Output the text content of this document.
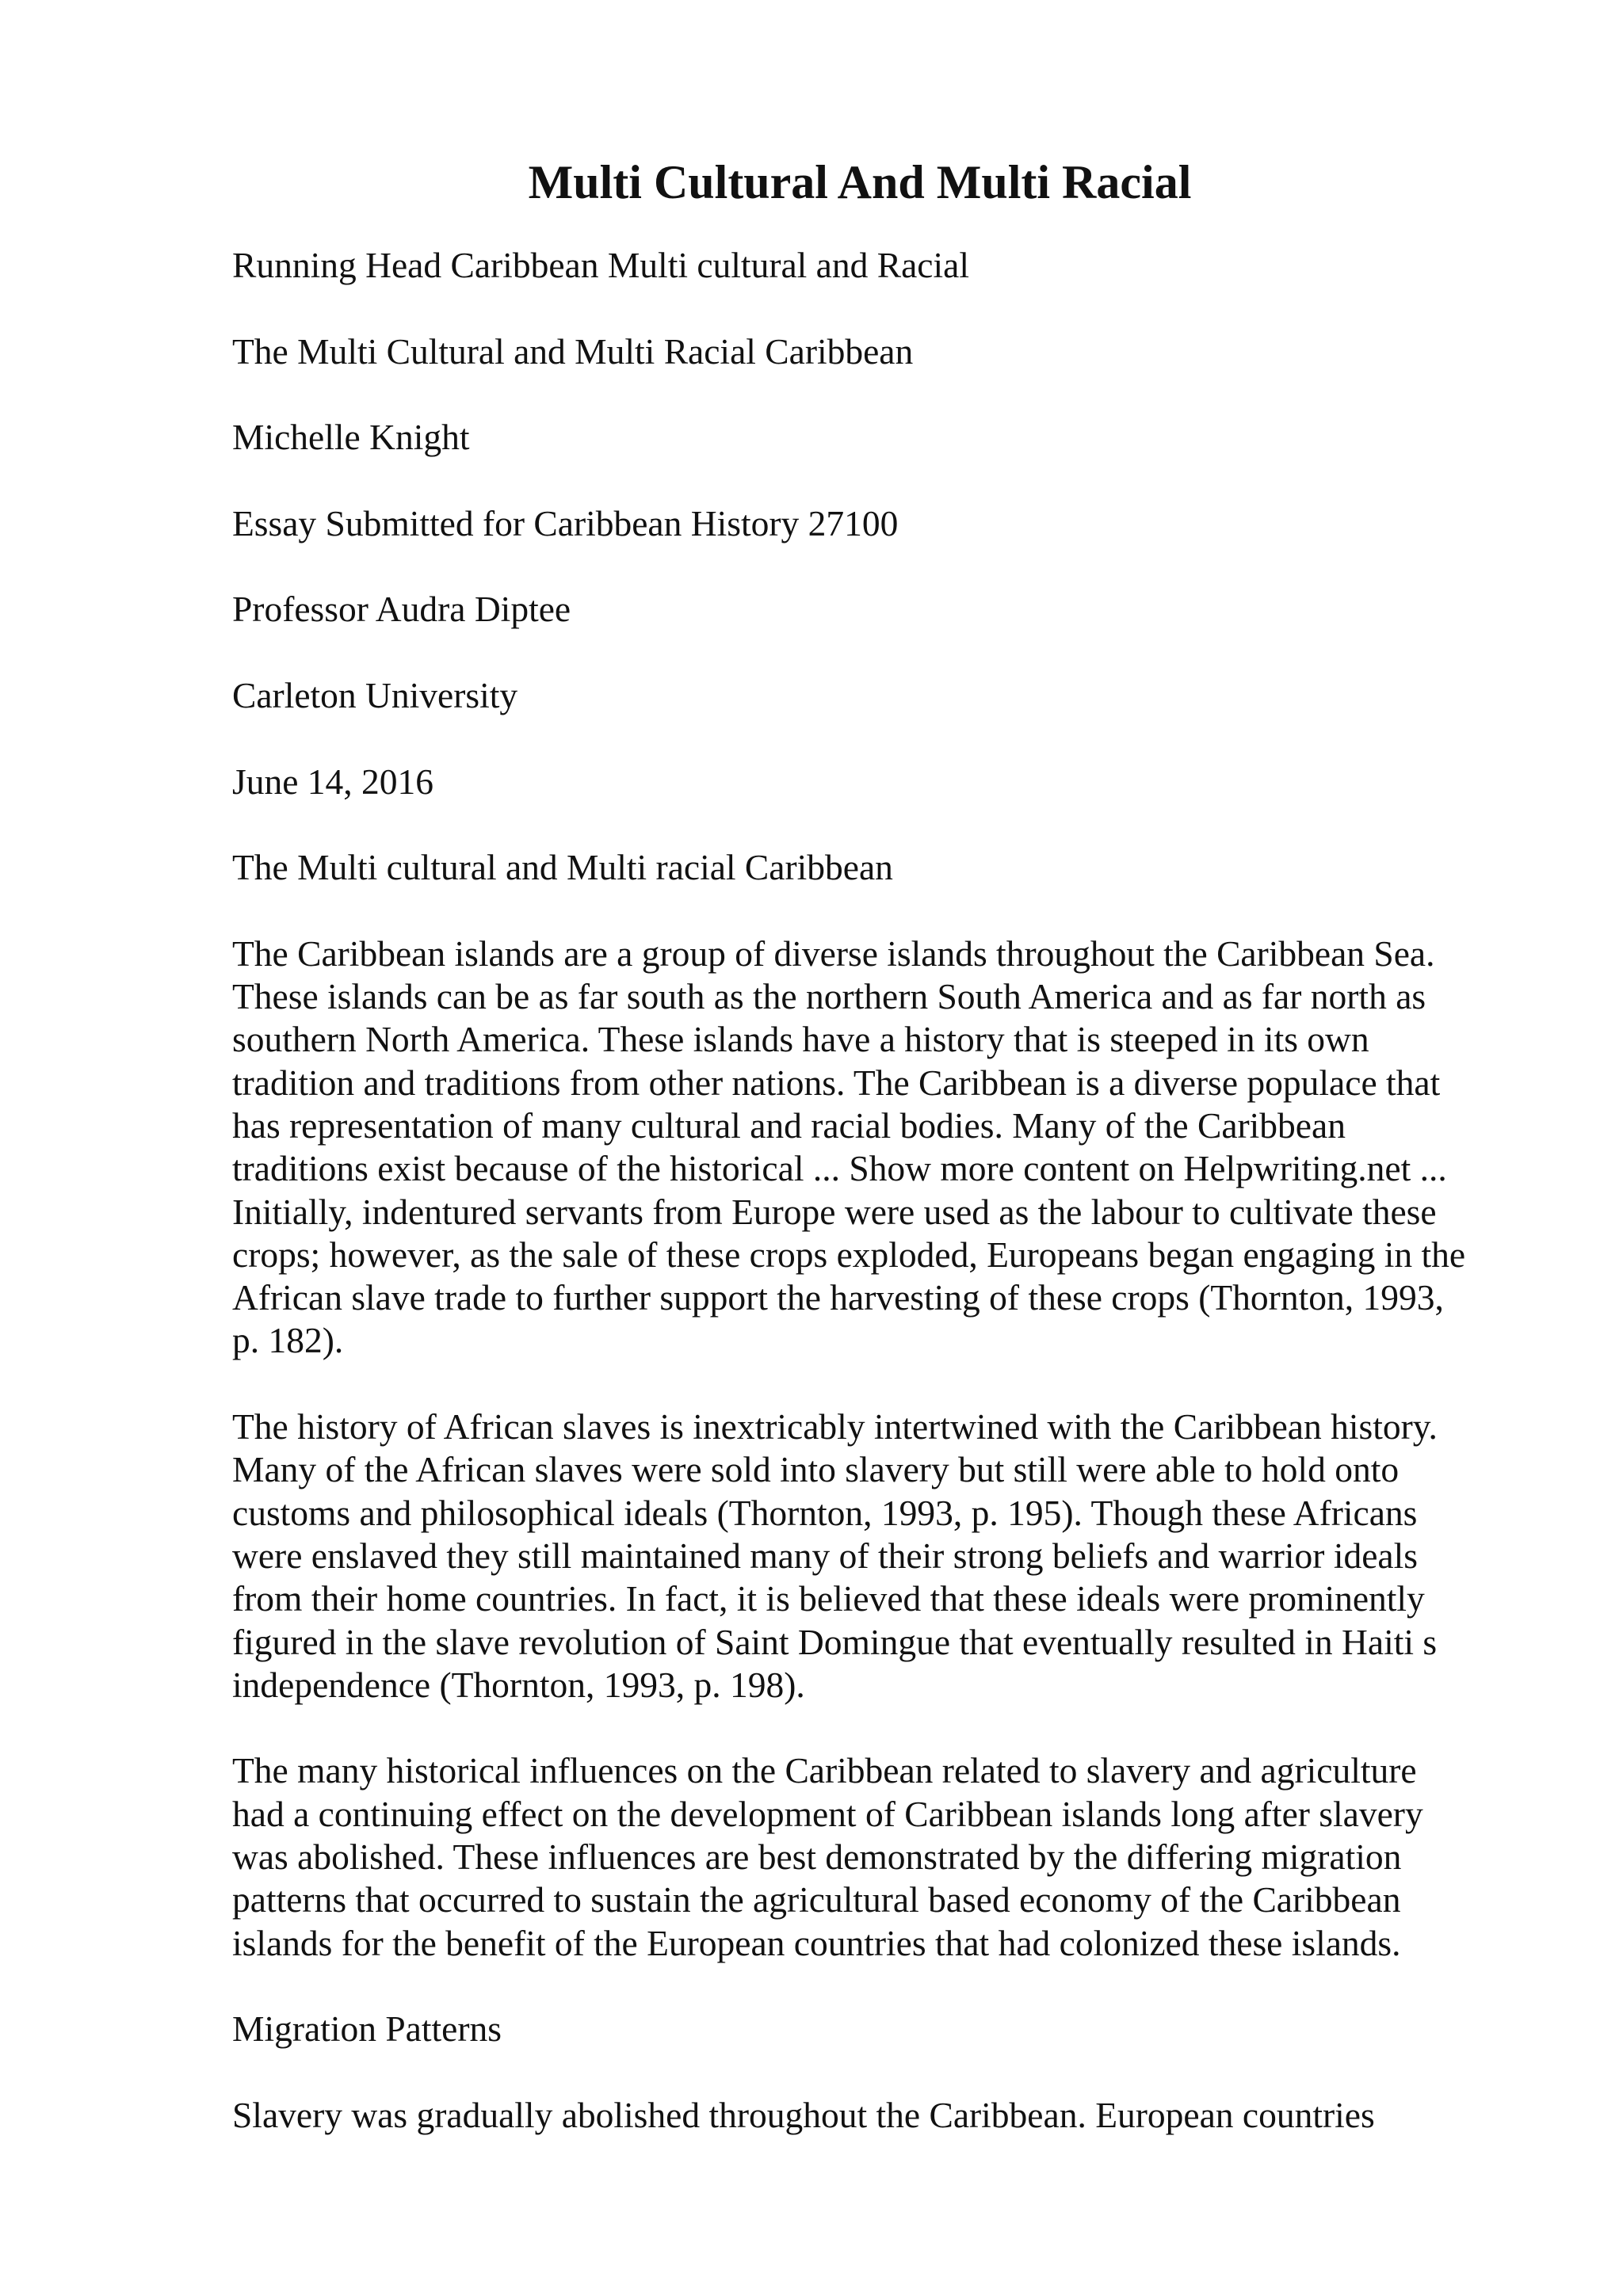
Multi Cultural And Multi Racial

Running Head Caribbean Multi cultural and Racial

The Multi Cultural and Multi Racial Caribbean

Michelle Knight

Essay Submitted for Caribbean History 27100

Professor Audra Diptee

Carleton University

June 14, 2016

The Multi cultural and Multi racial Caribbean

The Caribbean islands are a group of diverse islands throughout the Caribbean Sea.
These islands can be as far south as the northern South America and as far north as
southern North America. These islands have a history that is steeped in its own
tradition and traditions from other nations. The Caribbean is a diverse populace that
has representation of many cultural and racial bodies. Many of the Caribbean
traditions exist because of the historical ... Show more content on Helpwriting.net ...
Initially, indentured servants from Europe were used as the labour to cultivate these
crops; however, as the sale of these crops exploded, Europeans began engaging in the
African slave trade to further support the harvesting of these crops (Thornton, 1993,
p. 182).

The history of African slaves is inextricably intertwined with the Caribbean history.
Many of the African slaves were sold into slavery but still were able to hold onto
customs and philosophical ideals (Thornton, 1993, p. 195). Though these Africans
were enslaved they still maintained many of their strong beliefs and warrior ideals
from their home countries. In fact, it is believed that these ideals were prominently
figured in the slave revolution of Saint Domingue that eventually resulted in Haiti s
independence (Thornton, 1993, p. 198).

The many historical influences on the Caribbean related to slavery and agriculture
had a continuing effect on the development of Caribbean islands long after slavery
was abolished. These influences are best demonstrated by the differing migration
patterns that occurred to sustain the agricultural based economy of the Caribbean
islands for the benefit of the European countries that had colonized these islands.

Migration Patterns

Slavery was gradually abolished throughout the Caribbean. European countries
